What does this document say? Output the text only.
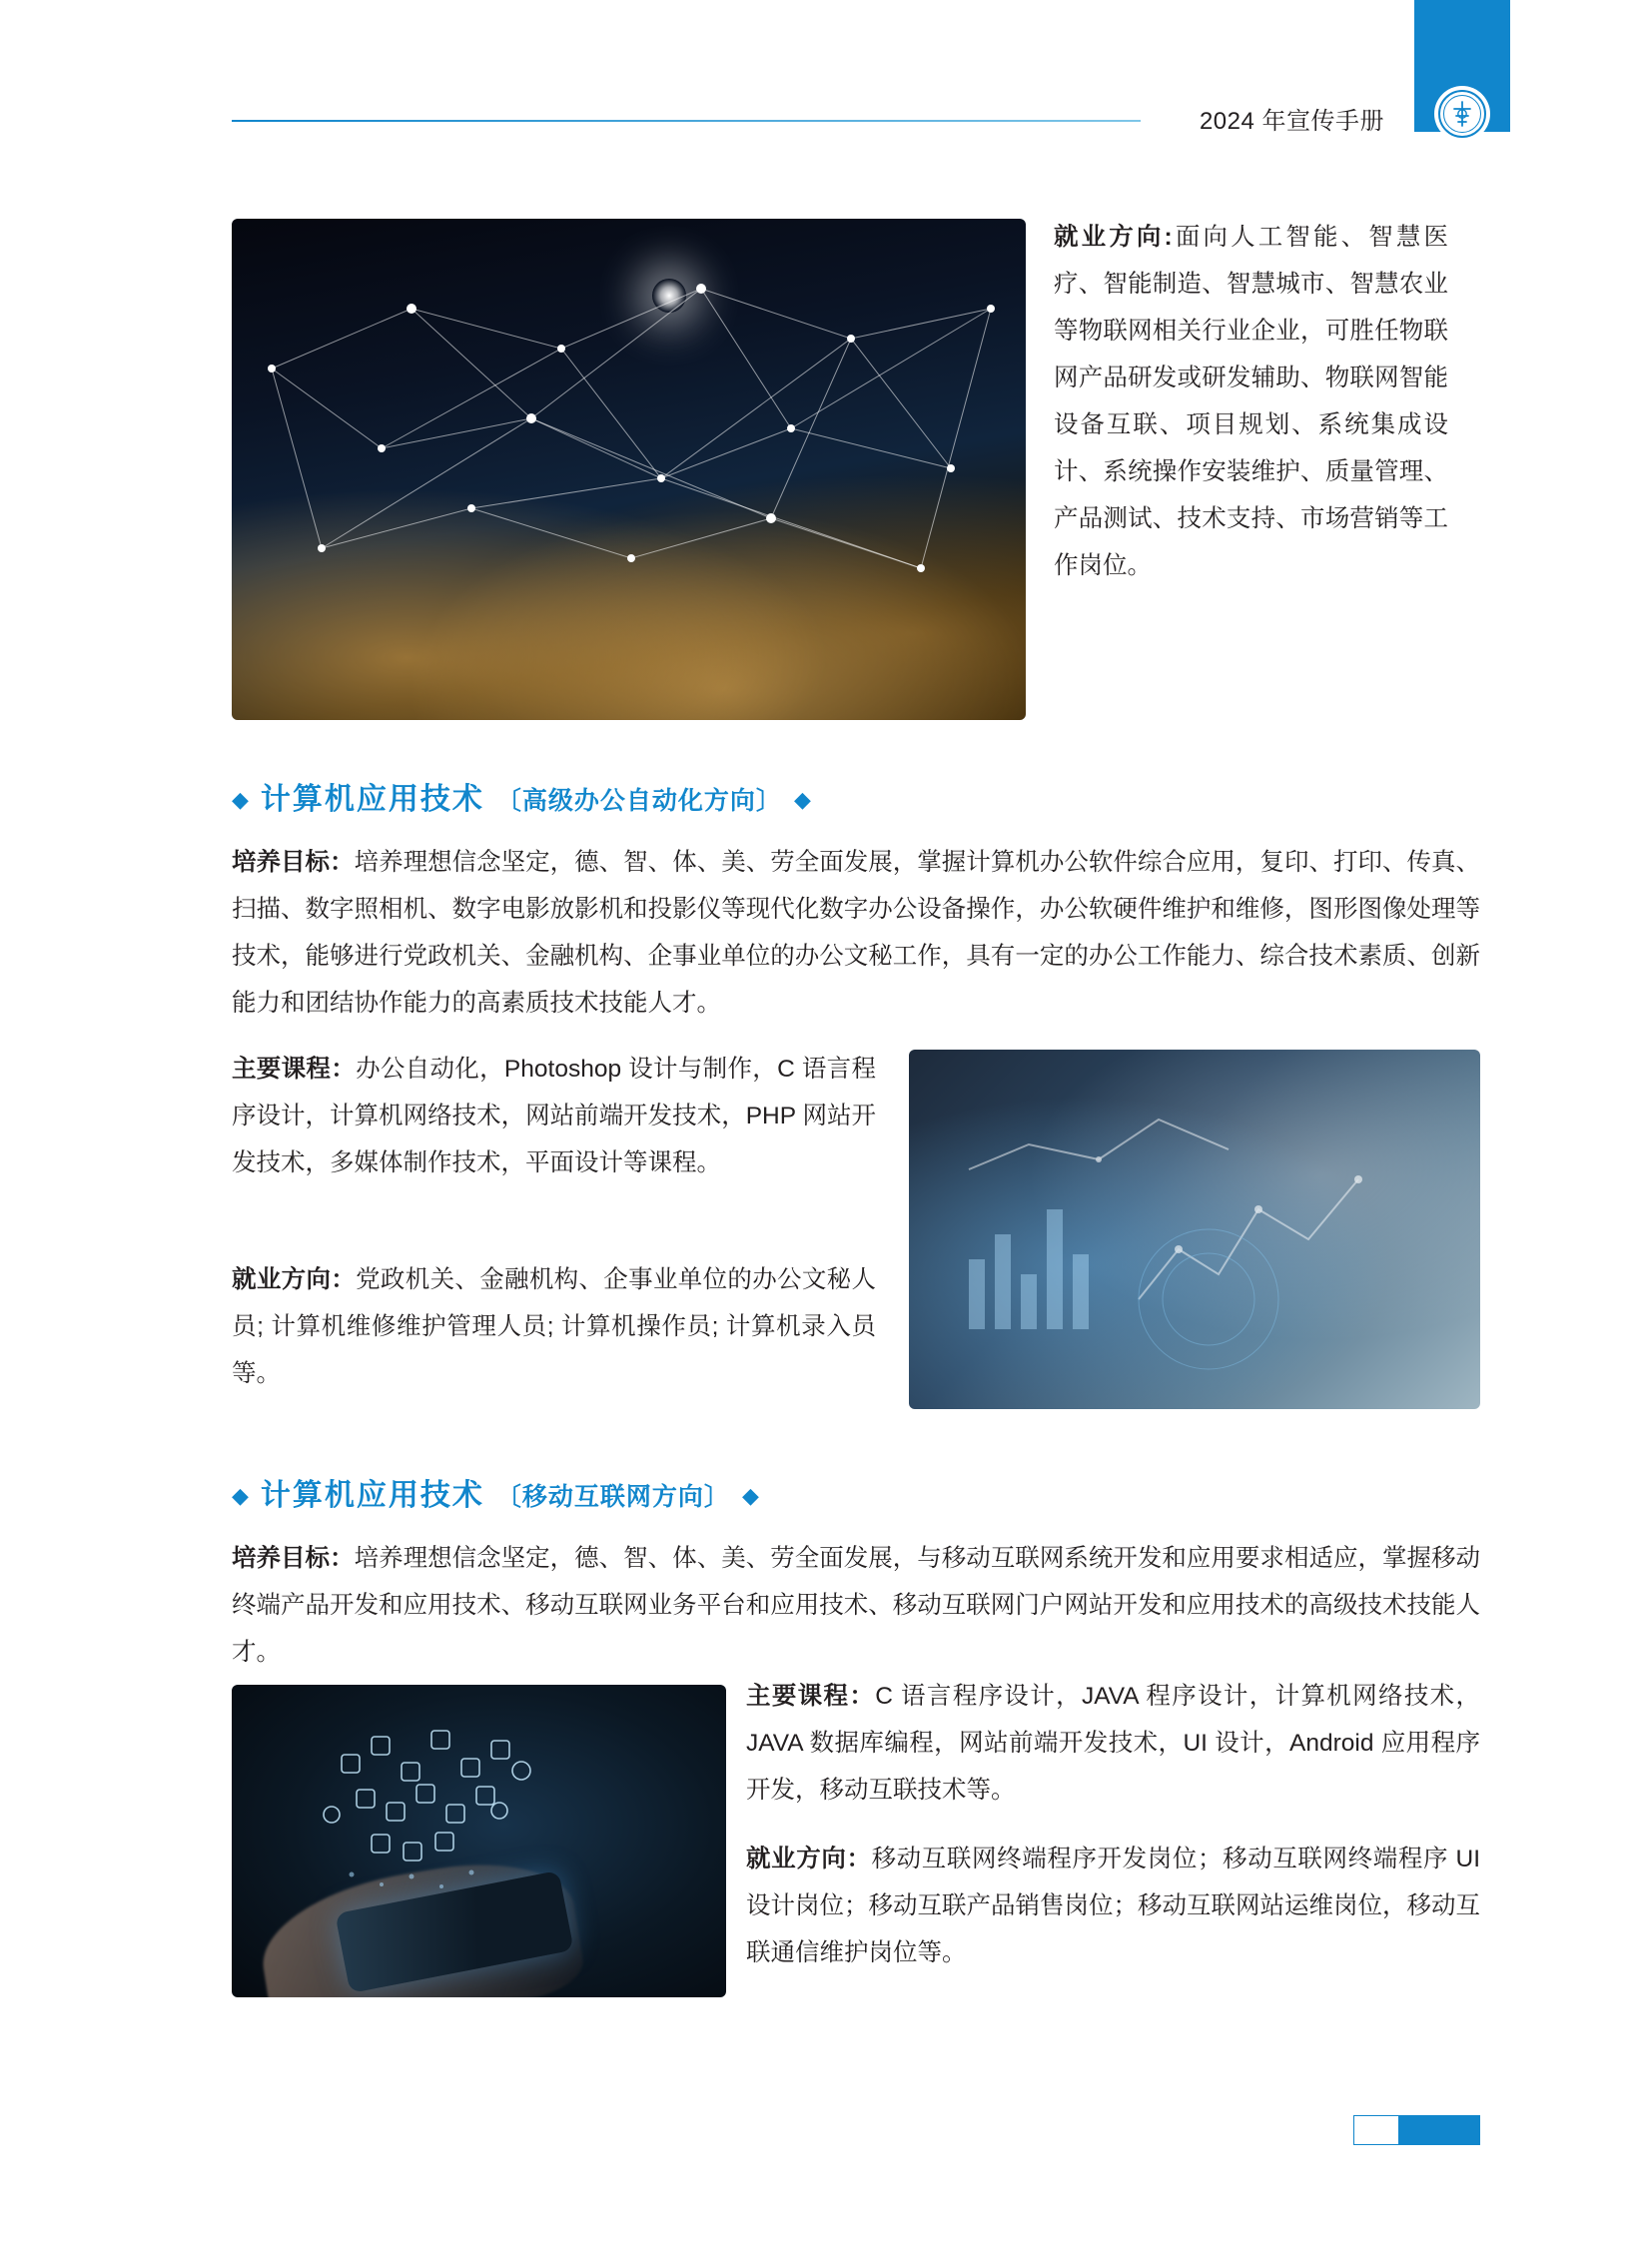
2024 年宣传手册
就业方向:面向人工智能、智慧医疗、智能制造、智慧城市、智慧农业等物联网相关行业企业，可胜任物联网产品研发或研发辅助、物联网智能设备互联、项目规划、系统集成设计、系统操作安装维护、质量管理、产品测试、技术支持、市场营销等工作岗位。
◆ 计算机应用技术 〔高级办公自动化方向〕 ◆
培养目标：培养理想信念坚定，德、智、体、美、劳全面发展，掌握计算机办公软件综合应用，复印、打印、传真、扫描、数字照相机、数字电影放影机和投影仪等现代化数字办公设备操作，办公软硬件维护和维修，图形图像处理等技术，能够进行党政机关、金融机构、企事业单位的办公文秘工作，具有一定的办公工作能力、综合技术素质、创新能力和团结协作能力的高素质技术技能人才。
主要课程：办公自动化，Photoshop 设计与制作，C 语言程序设计，计算机网络技术，网站前端开发技术，PHP 网站开发技术，多媒体制作技术，平面设计等课程。
就业方向：党政机关、金融机构、企事业单位的办公文秘人员; 计算机维修维护管理人员; 计算机操作员; 计算机录入员等。
◆ 计算机应用技术 〔移动互联网方向〕 ◆
培养目标：培养理想信念坚定，德、智、体、美、劳全面发展，与移动互联网系统开发和应用要求相适应，掌握移动终端产品开发和应用技术、移动互联网业务平台和应用技术、移动互联网门户网站开发和应用技术的高级技术技能人才。
主要课程：C 语言程序设计，JAVA 程序设计，计算机网络技术，JAVA 数据库编程，网站前端开发技术，UI 设计，Android 应用程序开发，移动互联技术等。
就业方向：移动互联网终端程序开发岗位；移动互联网终端程序 UI 设计岗位；移动互联产品销售岗位；移动互联网站运维岗位，移动互联通信维护岗位等。
